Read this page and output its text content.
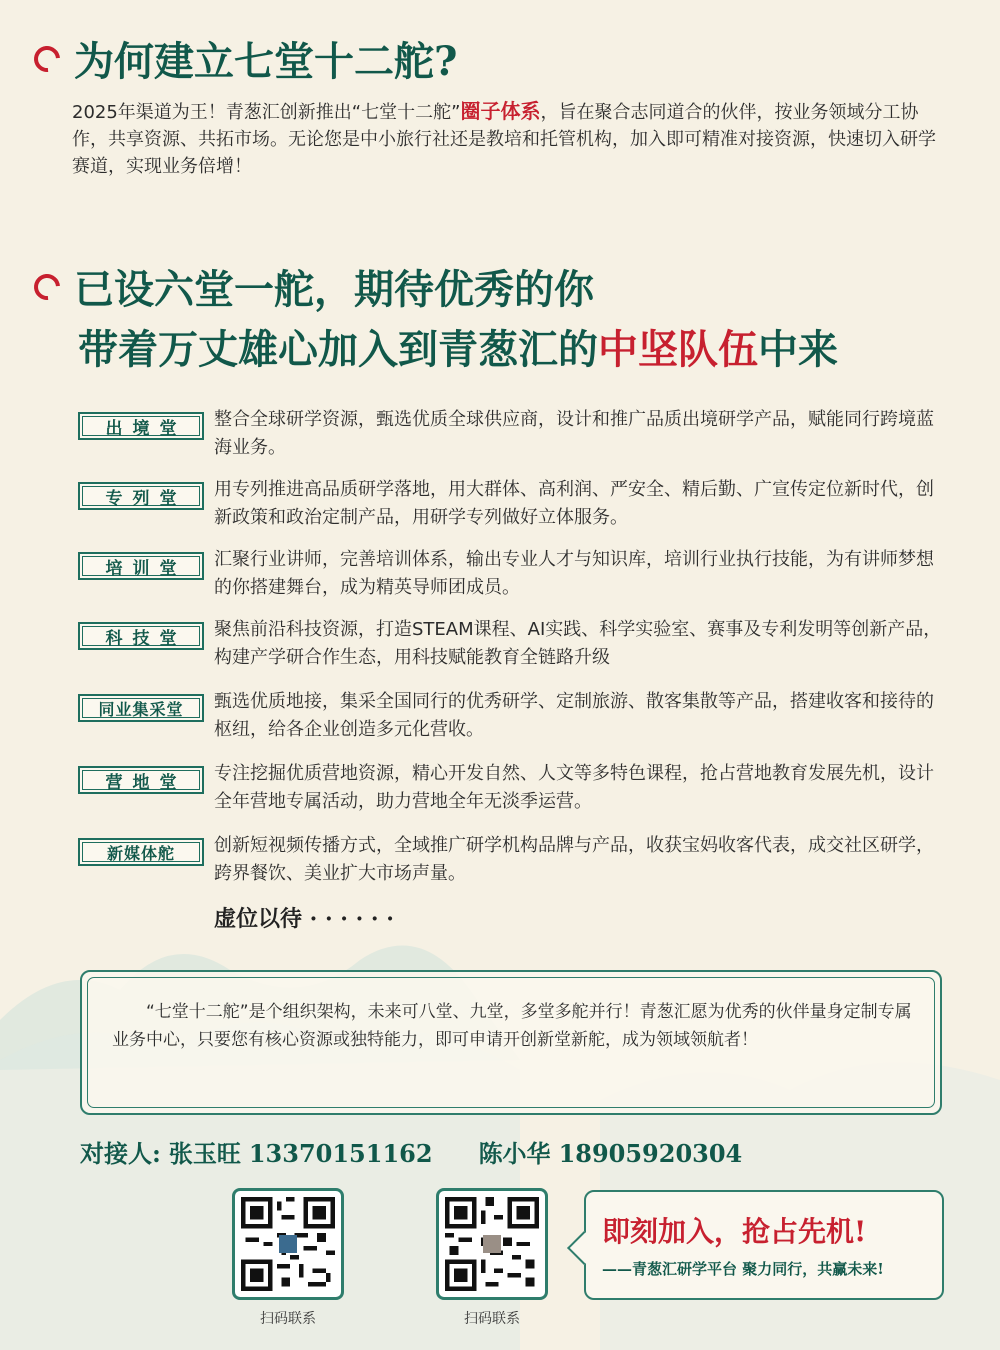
为何建立七堂十二舵?

2025年渠道为王！青葱汇创新推出“七堂十二舵”圈子体系，旨在聚合志同道合的伙伴，按业务领域分工协作，共享资源、共拓市场。无论您是中小旅行社还是教培和托管机构，加入即可精准对接资源，快速切入研学赛道，实现业务倍增！

已设六堂一舵，期待优秀的你
带着万丈雄心加入到青葱汇的中坚队伍中来
出境堂	整合全球研学资源，甄选优质全球供应商，设计和推广品质出境研学产品，赋能同行跨境蓝海业务。
专列堂	用专列推进高品质研学落地，用大群体、高利润、严安全、精后勤、广宣传定位新时代，创新政策和政治定制产品，用研学专列做好立体服务。
培训堂	汇聚行业讲师，完善培训体系，输出专业人才与知识库，培训行业执行技能，为有讲师梦想的你搭建舞台，成为精英导师团成员。
科技堂	聚焦前沿科技资源，打造STEAM课程、AI实践、科学实验室、赛事及专利发明等创新产品，构建产学研合作生态，用科技赋能教育全链路升级
同业集采堂	甄选优质地接，集采全国同行的优秀研学、定制旅游、散客集散等产品，搭建收客和接待的枢纽，给各企业创造多元化营收。
营地堂	专注挖掘优质营地资源，精心开发自然、人文等多特色课程，抢占营地教育发展先机，设计全年营地专属活动，助力营地全年无淡季运营。
新媒体舵	创新短视频传播方式，全域推广研学机构品牌与产品，收获宝妈收客代表，成交社区研学，跨界餐饮、美业扩大市场声量。
虚位以待 · · · · · ·

“七堂十二舵”是个组织架构，未来可八堂、九堂，多堂多舵并行！青葱汇愿为优秀的伙伴量身定制专属业务中心，只要您有核心资源或独特能力，即可申请开创新堂新舵，成为领域领航者！

对接人: 张玉旺 13370151162 陈小华 18905920304
扫码联系	扫码联系
即刻加入，抢占先机!
——青葱汇研学平台 聚力同行，共赢未来!
